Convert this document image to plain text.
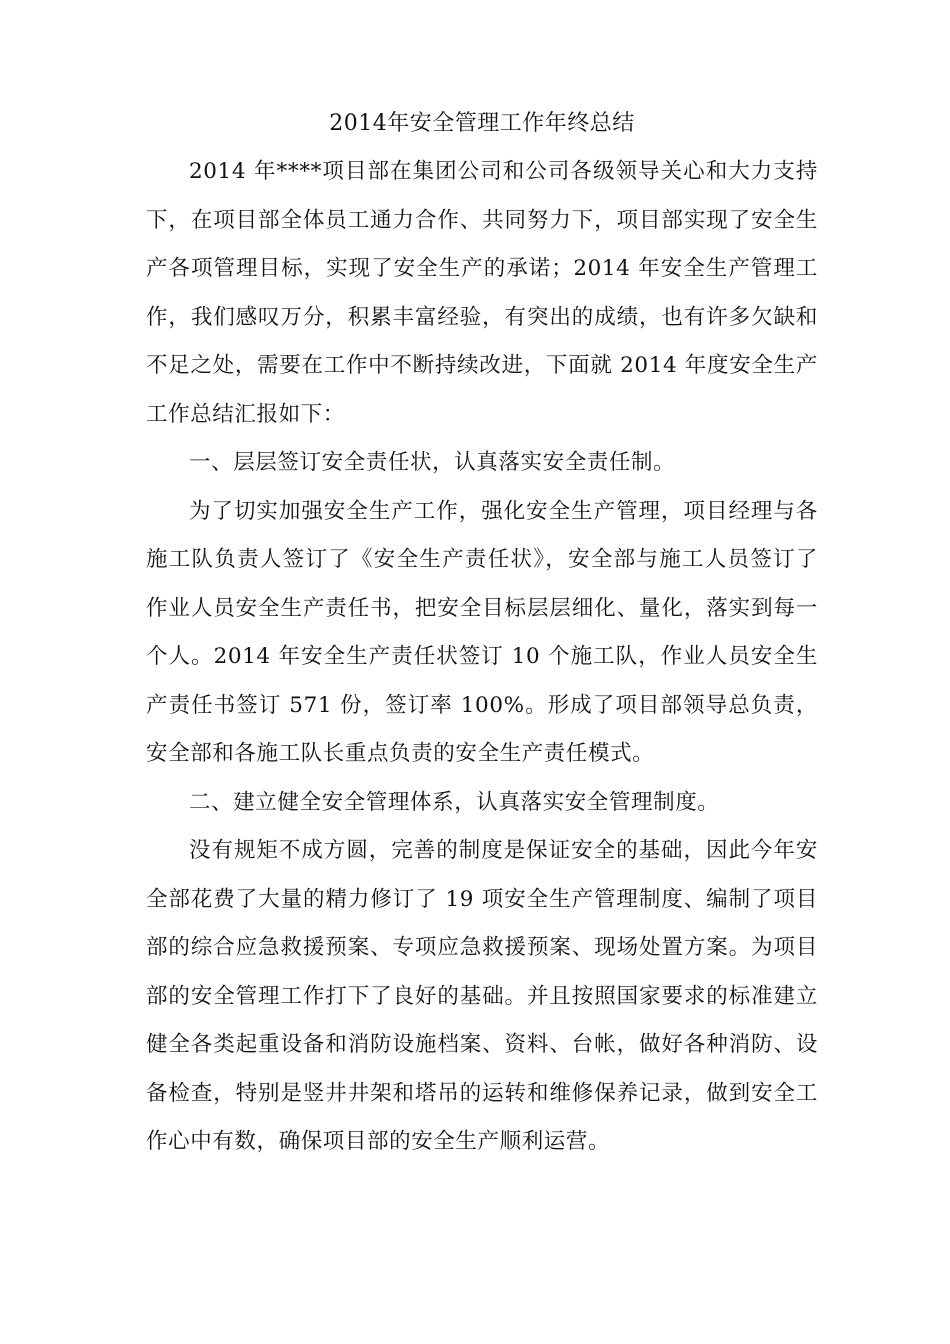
2014年安全管理工作年终总结

2014 年****项目部在集团公司和公司各级领导关心和大力支持下，在项目部全体员工通力合作、共同努力下，项目部实现了安全生产各项管理目标，实现了安全生产的承诺；2014 年安全生产管理工作，我们感叹万分，积累丰富经验，有突出的成绩，也有许多欠缺和不足之处，需要在工作中不断持续改进，下面就 2014 年度安全生产工作总结汇报如下：

一、层层签订安全责任状，认真落实安全责任制。

为了切实加强安全生产工作，强化安全生产管理，项目经理与各施工队负责人签订了《安全生产责任状》，安全部与施工人员签订了作业人员安全生产责任书，把安全目标层层细化、量化，落实到每一个人。2014 年安全生产责任状签订 10 个施工队，作业人员安全生产责任书签订 571 份，签订率 100%。形成了项目部领导总负责，安全部和各施工队长重点负责的安全生产责任模式。

二、建立健全安全管理体系，认真落实安全管理制度。

没有规矩不成方圆，完善的制度是保证安全的基础，因此今年安全部花费了大量的精力修订了 19 项安全生产管理制度、编制了项目部的综合应急救援预案、专项应急救援预案、现场处置方案。为项目部的安全管理工作打下了良好的基础。并且按照国家要求的标准建立健全各类起重设备和消防设施档案、资料、台帐，做好各种消防、设备检查，特别是竖井井架和塔吊的运转和维修保养记录，做到安全工作心中有数，确保项目部的安全生产顺利运营。
